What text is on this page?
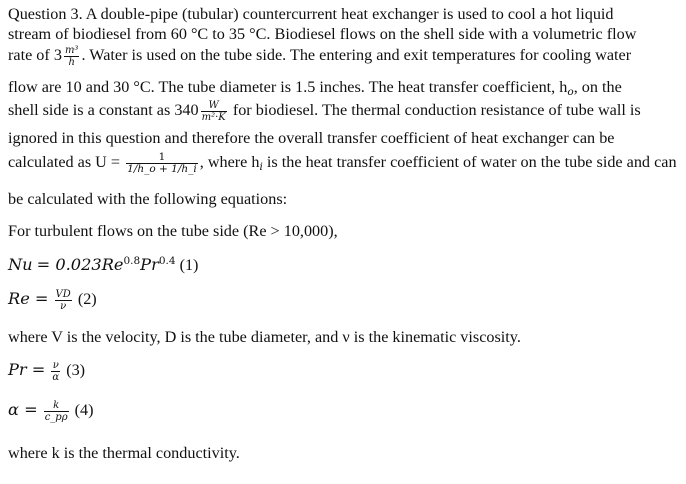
Question 3. A double-pipe (tubular) countercurrent heat exchanger is used to cool a hot liquid
stream of biodiesel from 60 °C to 35 °C. Biodiesel flows on the shell side with a volumetric flow
rate of $3 \frac{\text{m³}}{h}$ . Water is used on the tube side. The entering and exit temperatures for cooling water
flow are 10 and 30 °C. The tube diameter is 1.5 inches. The heat transfer coefficient, $h_o$, on the
shell side is a constant as $340 \frac{W}{\text{m²·K}}$ for biodiesel. The thermal conduction resistance of tube wall is
ignored in this question and therefore the overall transfer coefficient of heat exchanger can be
calculated as $U = \frac{1}{1/h\_o + 1/h\_i}$ , where $h_i$ is the heat transfer coefficient of water on the tube side and can
be calculated with the following equations:
For turbulent flows on the tube side (Re > 10,000),
$Nu = 0.023Re^{0.8}Pr^{0.4}$ (1)
$Re = \frac{VD}{\nu} (2)$
where V is the velocity, D is the tube diameter, and ν is the kinematic viscosity.
$Pr = \frac{\nu}{\alpha} (3)$
$\alpha = \frac{k}{c\_p\rho} (4)$
where k is the thermal conductivity.
